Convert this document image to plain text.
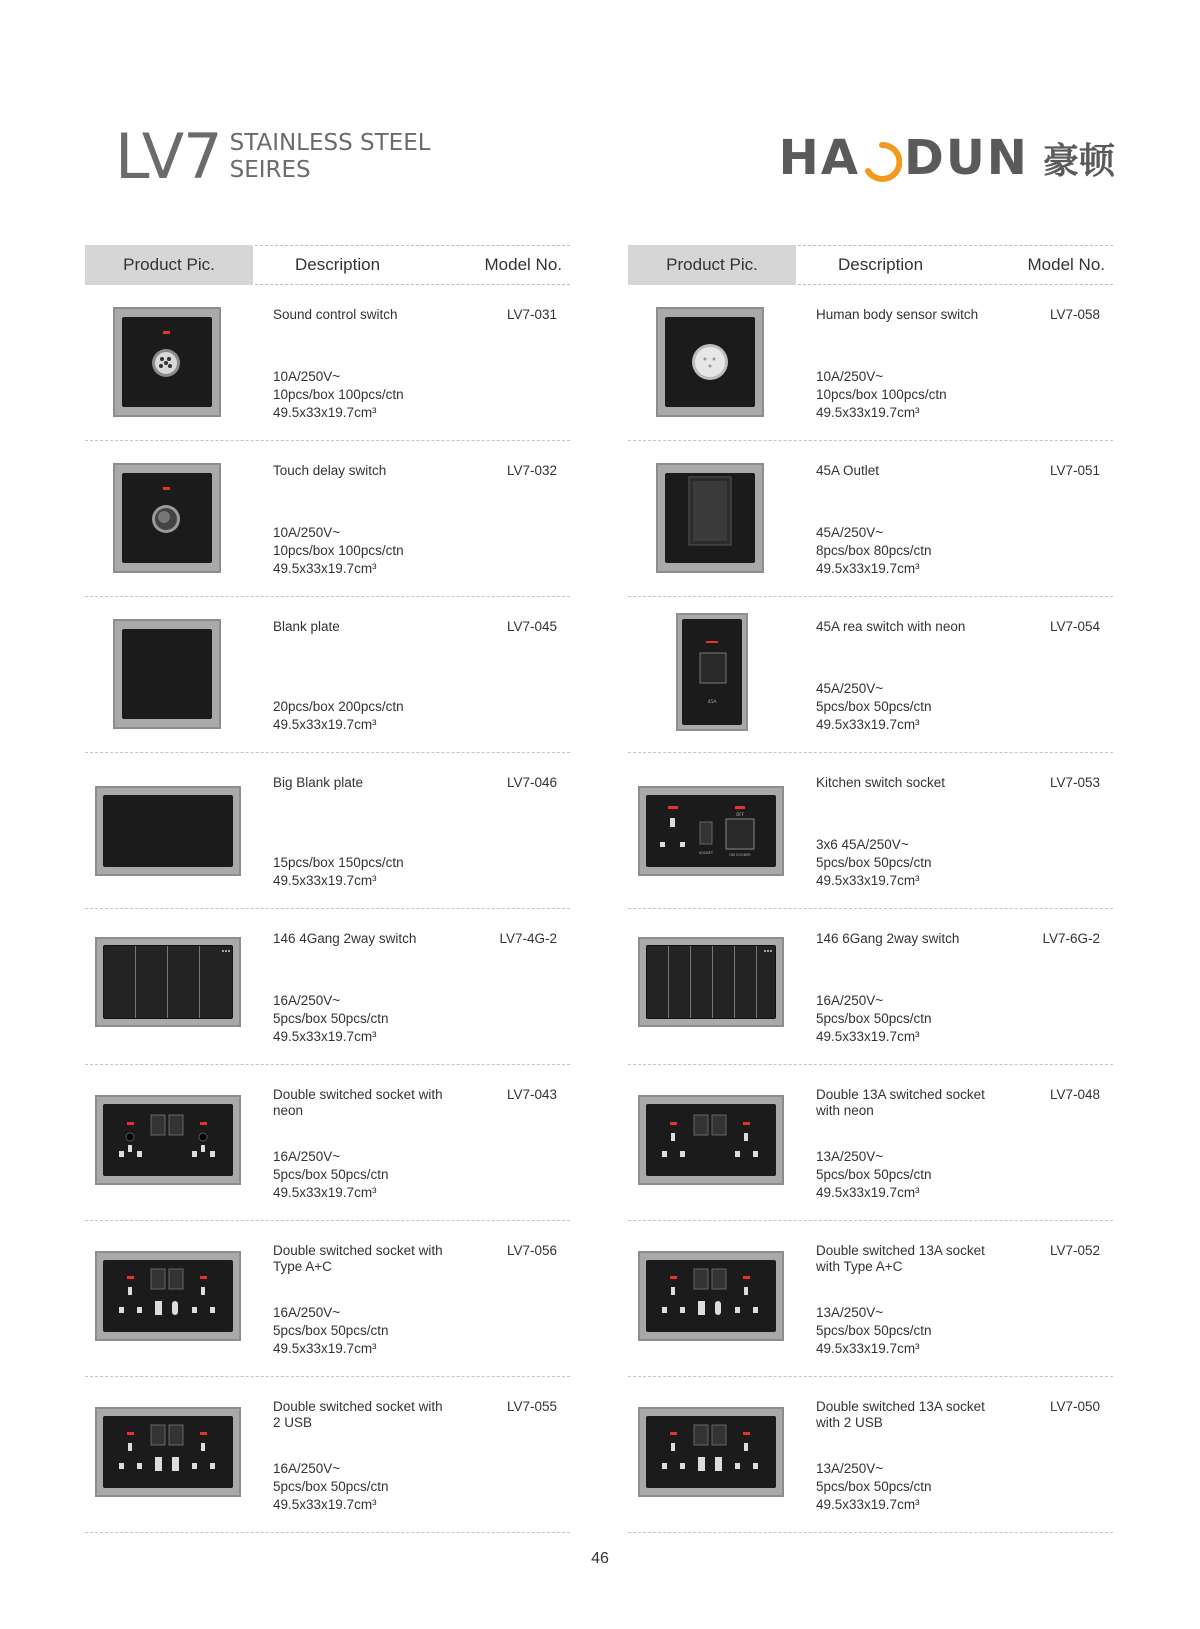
LV7 STAINLESS STEEL
SEIRES	HA DUN 豪顿
Product Pic.	Description	Model No.
Sound control switch	LV7-031
10A/250V~
10pcs/box 100pcs/ctn
49.5x33x19.7cm³
Touch delay switch	LV7-032
10A/250V~
10pcs/box 100pcs/ctn
49.5x33x19.7cm³
Blank plate	LV7-045
20pcs/box 200pcs/ctn
49.5x33x19.7cm³
Big Blank plate	LV7-046
15pcs/box 150pcs/ctn
49.5x33x19.7cm³
146 4Gang 2way switch	LV7-4G-2
16A/250V~
5pcs/box 50pcs/ctn
49.5x33x19.7cm³
Double switched socket with neon
LV7-043
16A/250V~
5pcs/box 50pcs/ctn
49.5x33x19.7cm³
Double switched socket with Type A+C
LV7-056
16A/250V~
5pcs/box 50pcs/ctn
49.5x33x19.7cm³
Double switched socket with 2 USB
LV7-055
16A/250V~
5pcs/box 50pcs/ctn
49.5x33x19.7cm³
Product Pic.	Description	Model No.
Human body sensor switch	LV7-058
10A/250V~
10pcs/box 100pcs/ctn
49.5x33x19.7cm³
45A Outlet	LV7-051
45A/250V~
8pcs/box 80pcs/ctn
49.5x33x19.7cm³
45A
45A rea switch with neon	LV7-054
45A/250V~
5pcs/box 50pcs/ctn
49.5x33x19.7cm³
OFF
SOCKET	ON COOKER
Kitchen switch socket	LV7-053
3x6 45A/250V~
5pcs/box 50pcs/ctn
49.5x33x19.7cm³
146 6Gang 2way switch	LV7-6G-2
16A/250V~
5pcs/box 50pcs/ctn
49.5x33x19.7cm³
Double 13A switched socket with neon
LV7-048
13A/250V~
5pcs/box 50pcs/ctn
49.5x33x19.7cm³
Double switched 13A socket with Type A+C
LV7-052
13A/250V~
5pcs/box 50pcs/ctn
49.5x33x19.7cm³
Double switched 13A socket with 2 USB
LV7-050
13A/250V~
5pcs/box 50pcs/ctn
49.5x33x19.7cm³
46
